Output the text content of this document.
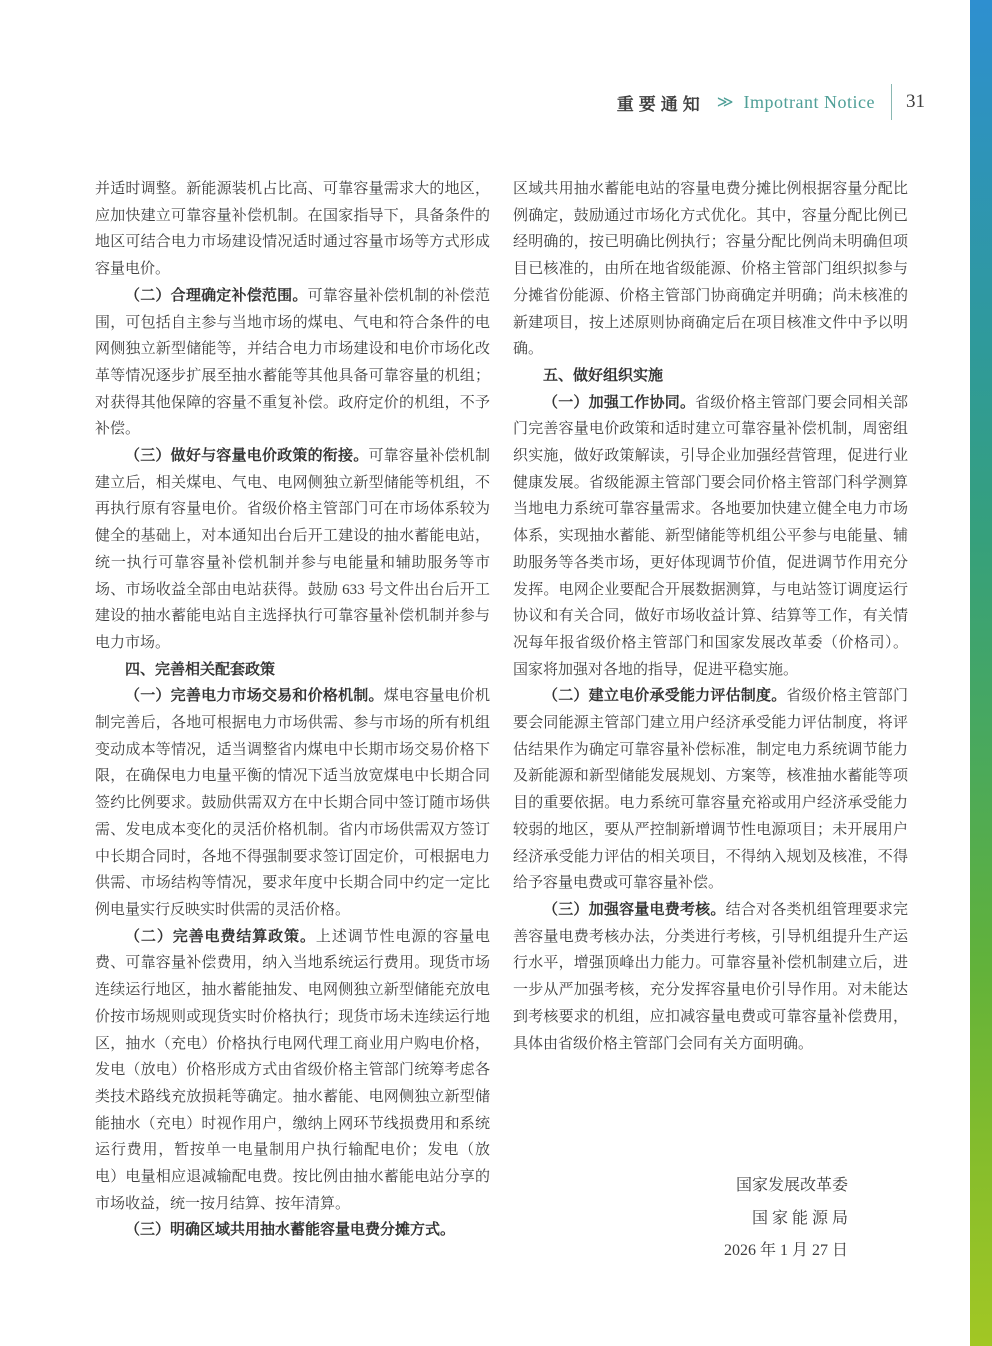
重要通知 ≫ Impotrant Notice 31

并适时调整。新能源装机占比高、可靠容量需求大的地区，应加快建立可靠容量补偿机制。在国家指导下，具备条件的地区可结合电力市场建设情况适时通过容量市场等方式形成容量电价。

（二）合理确定补偿范围。可靠容量补偿机制的补偿范围，可包括自主参与当地市场的煤电、气电和符合条件的电网侧独立新型储能等，并结合电力市场建设和电价市场化改革等情况逐步扩展至抽水蓄能等其他具备可靠容量的机组；对获得其他保障的容量不重复补偿。政府定价的机组，不予补偿。

（三）做好与容量电价政策的衔接。可靠容量补偿机制建立后，相关煤电、气电、电网侧独立新型储能等机组，不再执行原有容量电价。省级价格主管部门可在市场体系较为健全的基础上，对本通知出台后开工建设的抽水蓄能电站，统一执行可靠容量补偿机制并参与电能量和辅助服务等市场、市场收益全部由电站获得。鼓励 633 号文件出台后开工建设的抽水蓄能电站自主选择执行可靠容量补偿机制并参与电力市场。

四、完善相关配套政策

（一）完善电力市场交易和价格机制。煤电容量电价机制完善后，各地可根据电力市场供需、参与市场的所有机组变动成本等情况，适当调整省内煤电中长期市场交易价格下限，在确保电力电量平衡的情况下适当放宽煤电中长期合同签约比例要求。鼓励供需双方在中长期合同中签订随市场供需、发电成本变化的灵活价格机制。省内市场供需双方签订中长期合同时，各地不得强制要求签订固定价，可根据电力供需、市场结构等情况，要求年度中长期合同中约定一定比例电量实行反映实时供需的灵活价格。

（二）完善电费结算政策。上述调节性电源的容量电费、可靠容量补偿费用，纳入当地系统运行费用。现货市场连续运行地区，抽水蓄能抽发、电网侧独立新型储能充放电价按市场规则或现货实时价格执行；现货市场未连续运行地区，抽水（充电）价格执行电网代理工商业用户购电价格，发电（放电）价格形成方式由省级价格主管部门统筹考虑各类技术路线充放损耗等确定。抽水蓄能、电网侧独立新型储能抽水（充电）时视作用户，缴纳上网环节线损费用和系统运行费用，暂按单一电量制用户执行输配电价；发电（放电）电量相应退减输配电费。按比例由抽水蓄能电站分享的市场收益，统一按月结算、按年清算。

（三）明确区域共用抽水蓄能容量电费分摊方式。

区域共用抽水蓄能电站的容量电费分摊比例根据容量分配比例确定，鼓励通过市场化方式优化。其中，容量分配比例已经明确的，按已明确比例执行；容量分配比例尚未明确但项目已核准的，由所在地省级能源、价格主管部门组织拟参与分摊省份能源、价格主管部门协商确定并明确；尚未核准的新建项目，按上述原则协商确定后在项目核准文件中予以明确。

五、做好组织实施

（一）加强工作协同。省级价格主管部门要会同相关部门完善容量电价政策和适时建立可靠容量补偿机制，周密组织实施，做好政策解读，引导企业加强经营管理，促进行业健康发展。省级能源主管部门要会同价格主管部门科学测算当地电力系统可靠容量需求。各地要加快建立健全电力市场体系，实现抽水蓄能、新型储能等机组公平参与电能量、辅助服务等各类市场，更好体现调节价值，促进调节作用充分发挥。电网企业要配合开展数据测算，与电站签订调度运行协议和有关合同，做好市场收益计算、结算等工作，有关情况每年报省级价格主管部门和国家发展改革委（价格司）。国家将加强对各地的指导，促进平稳实施。

（二）建立电价承受能力评估制度。省级价格主管部门要会同能源主管部门建立用户经济承受能力评估制度，将评估结果作为确定可靠容量补偿标准，制定电力系统调节能力及新能源和新型储能发展规划、方案等，核准抽水蓄能等项目的重要依据。电力系统可靠容量充裕或用户经济承受能力较弱的地区，要从严控制新增调节性电源项目；未开展用户经济承受能力评估的相关项目，不得纳入规划及核准，不得给予容量电费或可靠容量补偿。

（三）加强容量电费考核。结合对各类机组管理要求完善容量电费考核办法，分类进行考核，引导机组提升生产运行水平，增强顶峰出力能力。可靠容量补偿机制建立后，进一步从严加强考核，充分发挥容量电价引导作用。对未能达到考核要求的机组，应扣减容量电费或可靠容量补偿费用，具体由省级价格主管部门会同有关方面明确。

国家发展改革委
国 家 能 源 局
2026 年 1 月 27 日
